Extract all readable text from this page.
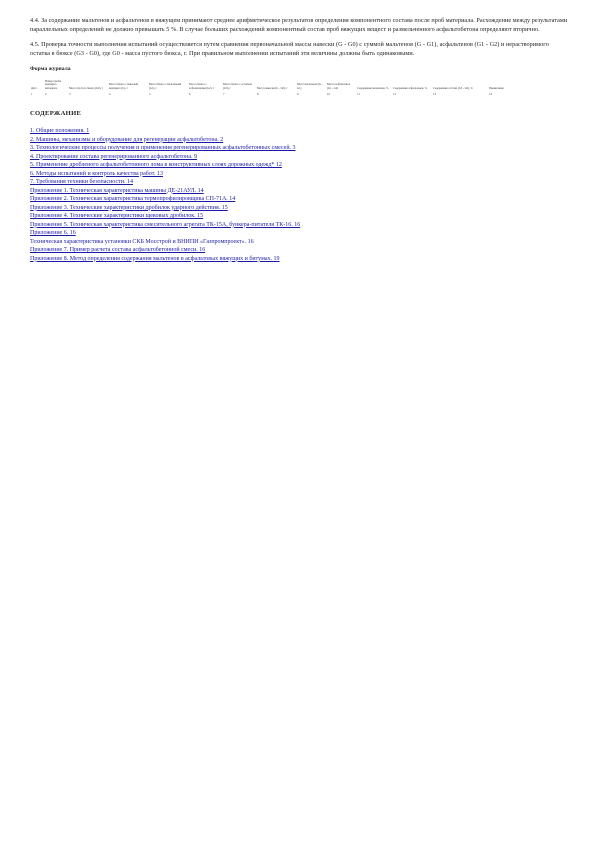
4.4. За содержание мальтенов и асфальтенов в вяжущем принимают среднее арифметическое результатов определения компонентного состава после проб материала. Расхождение между результатами параллельных определений не должно превышать 5 %. В случае больших расхождений компонентный состав проб вяжущих вещест и размельченного асфальтобетона определяют вторично.

4.5. Проверка точности выполнения испытаний осуществляется путем сравнения первоначальной массы навески (G - G0) с суммой мальтенов (G - G1), асфальтенов (G1 - G2) и нерастворимого остатка в бюксе (G3 - G0), где G0 - масса пустого бюкса, г. При правильном выполнении испытаний эти величины должны быть одинаковыми.

Форма журнала
Дата	Номер пробы вяжущего материала	Масса пустого бюкса (G0), г	Масса бюкса с навеской вяжущего (G), г	Масса бюкса с мальтенами (G1), г	Масса бюкса с асфальтенами (G2), г	Масса бюкса с остатком (G3), г	Масса навески (G - G0), г	Масса мальтенов (G - G1)	Масса асфальтенов (G1 - G2)	Содержание мальтенов, %	Содержание асфальтенов, %	Содержание остатка (G3 - G0), %	Примечание
1	2	3	4	5	6	7	8	9	10	11	12	13	14
СОДЕРЖАНИЕ
1. Общие положения. 1
2. Машины, механизмы и оборудование для регенерации асфальтобетона. 2
3. Технологические процессы получения и применения регенерированных асфальтобетонных смесей. 3
4. Проектирование состава регенерированного асфальтобетона. 9
5. Применение дробленого асфальтобетонного лома в конструктивных слоях дорожных одежд* 12
6. Методы испытаний и контроль качества работ. 13
7. Требования техники безопасности. 14
Приложение 1. Техническая характеристика машины ДЕ-21АУЛ. 14
Приложение 2. Техническая характеристика термопрофилировщика СП-71А. 14
Приложение 3. Технические характеристики дробилок ударного действия. 15
Приложение 4. Технические характеристики щековых дробилок. 15
Приложение 5. Техническая характеристика смесительного агрегата ТК-15А, бункера-питателя ТК-16. 16
Приложение 6. 16
Техническая характеристика установки СКБ Мосстрой и ВНИПИ «Газпромпроект». 16
Приложение 7. Пример расчета состава асфальтобетонной смеси. 16
Приложение 8. Метод определения содержания мальтенов в асфальтовых вяжущих и битумах. 19
